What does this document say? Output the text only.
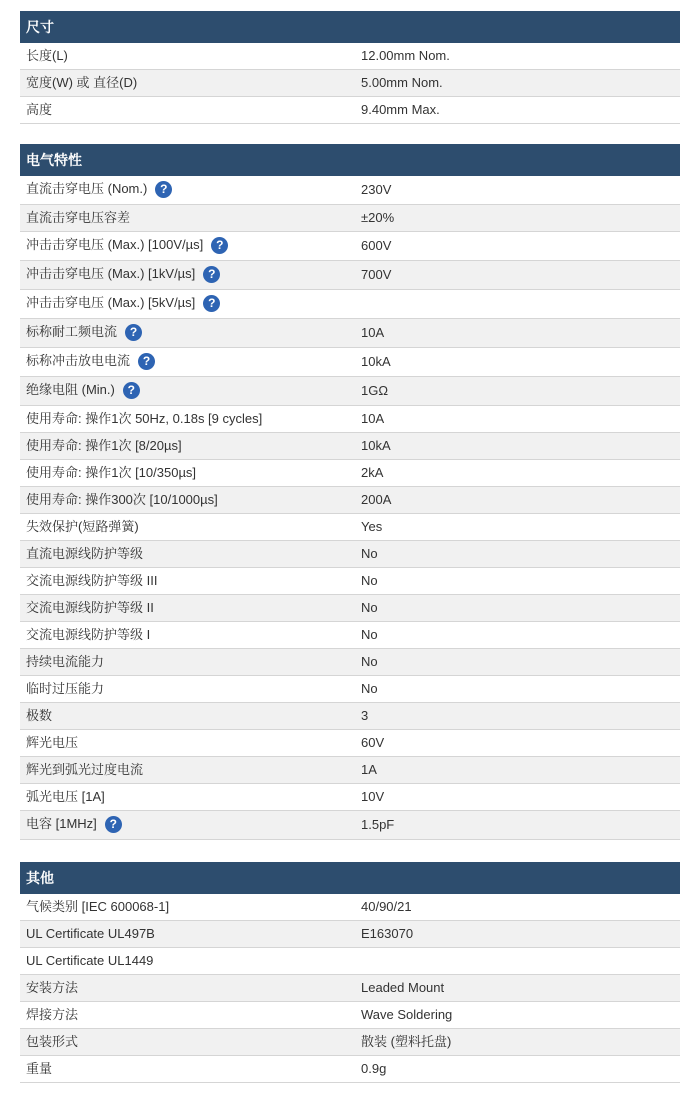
尺寸
长度(L)	12.00mm Nom.
宽度(W) 或 直径(D)	5.00mm Nom.
高度	9.40mm Max.
电气特性
直流击穿电压 (Nom.) ?	230V
直流击穿电压容差	±20%
冲击击穿电压 (Max.) [100V/µs] ?	600V
冲击击穿电压 (Max.) [1kV/µs] ?	700V
冲击击穿电压 (Max.) [5kV/µs] ?	
标称耐工频电流 ?	10A
标称冲击放电电流 ?	10kA
绝缘电阻 (Min.) ?	1GΩ
使用寿命: 操作1次 50Hz, 0.18s [9 cycles]	10A
使用寿命: 操作1次 [8/20µs]	10kA
使用寿命: 操作1次 [10/350µs]	2kA
使用寿命: 操作300次 [10/1000µs]	200A
失效保护(短路弹簧)	Yes
直流电源线防护等级	No
交流电源线防护等级 III	No
交流电源线防护等级 II	No
交流电源线防护等级 I	No
持续电流能力	No
临时过压能力	No
极数	3
辉光电压	60V
辉光到弧光过度电流	1A
弧光电压 [1A]	10V
电容 [1MHz] ?	1.5pF
其他
气候类别 [IEC 600068-1]	40/90/21
UL Certificate UL497B	E163070
UL Certificate UL1449	
安装方法	Leaded Mount
焊接方法	Wave Soldering
包装形式	散装 (塑料托盘)
重量	0.9g
